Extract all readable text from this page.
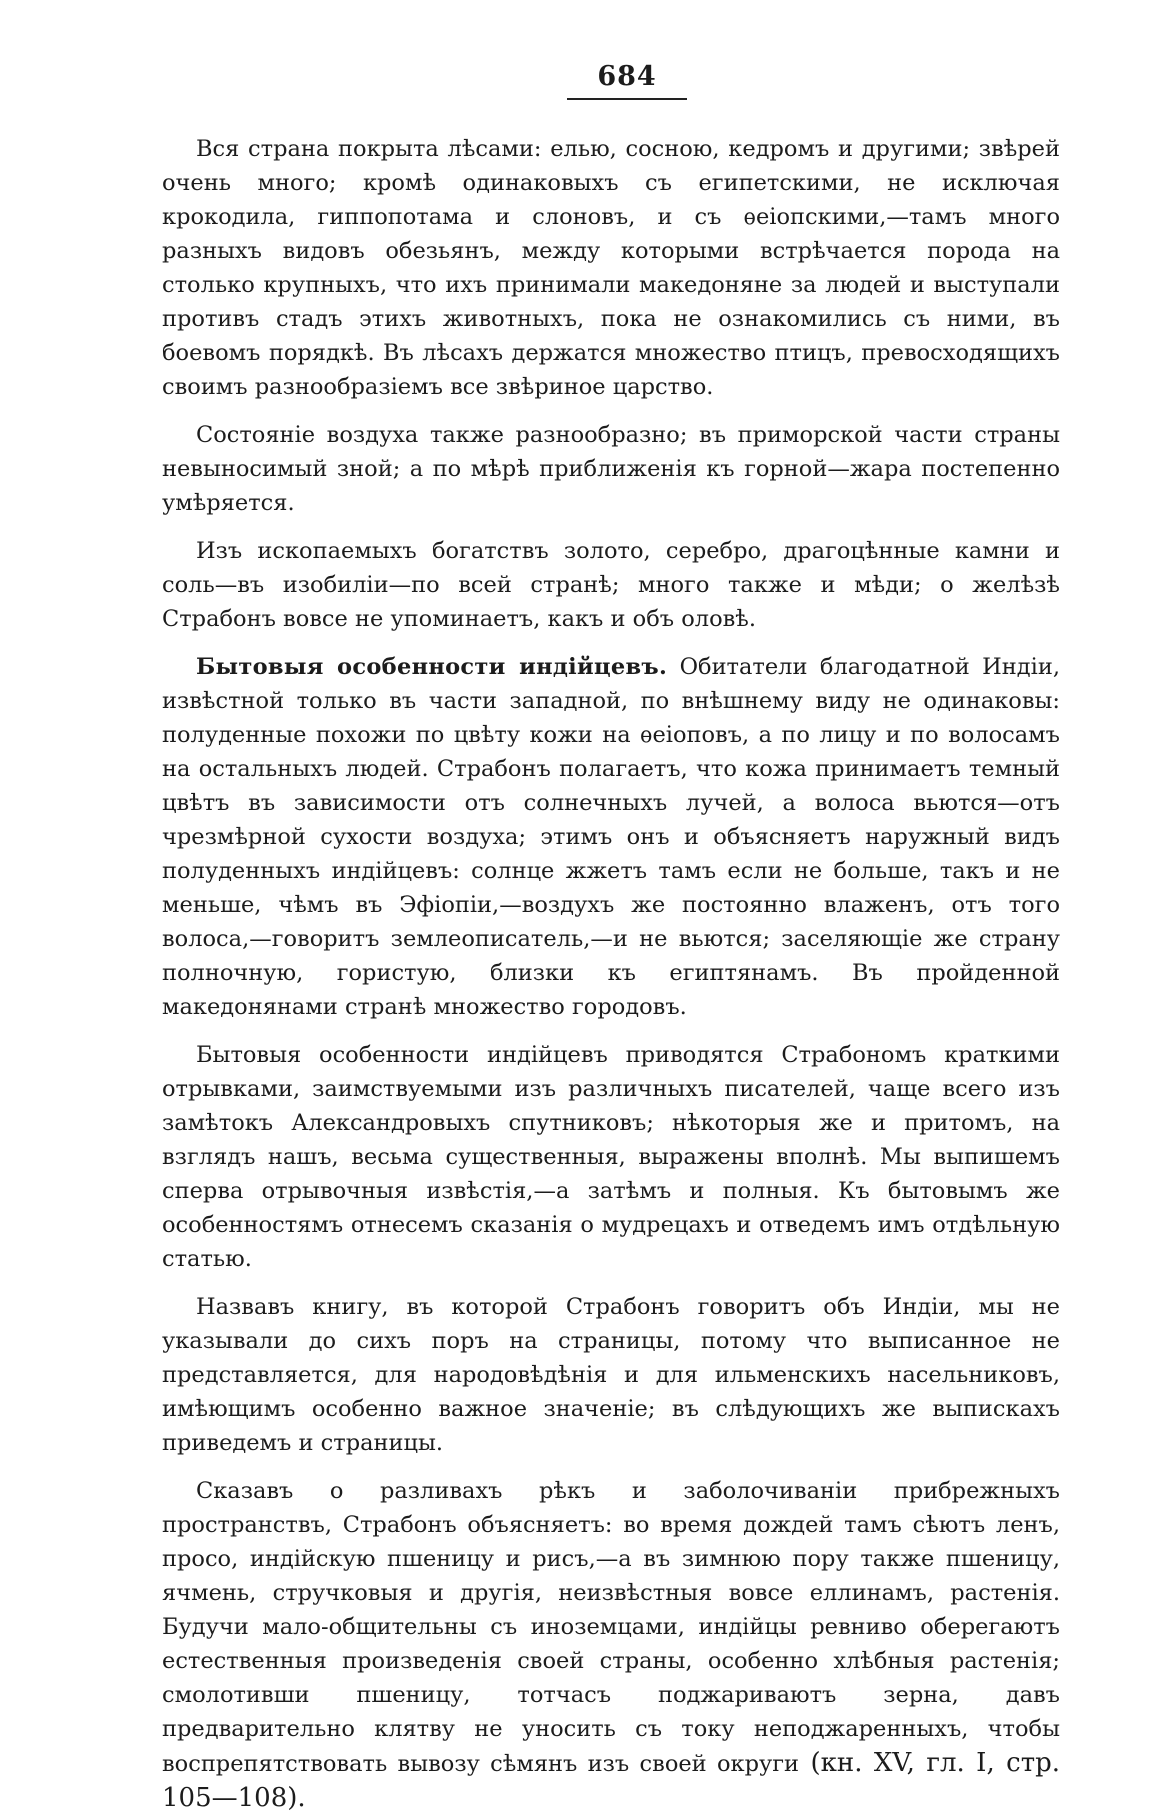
684

Вся страна покрыта лѣсами: елью, сосною, кедромъ и другими; звѣрей очень много; кромѣ одинаковыхъ съ египетскими, не исключая крокодила, гиппопотама и слоновъ, и съ ѳеіопскими,—тамъ много разныхъ видовъ обезьянъ, между которыми встрѣчается порода на столько крупныхъ, что ихъ принимали македоняне за людей и выступали противъ стадъ этихъ животныхъ, пока не ознакомились съ ними, въ боевомъ порядкѣ. Въ лѣсахъ держатся множество птицъ, превосходящихъ своимъ разнообразіемъ все звѣриное царство.

Состояніе воздуха также разнообразно; въ приморской части страны невыносимый зной; а по мѣрѣ приближенія къ горной—жара постепенно умѣряется.

Изъ ископаемыхъ богатствъ золото, серебро, драгоцѣнные камни и соль—въ изобиліи—по всей странѣ; много также и мѣди; о желѣзѣ Страбонъ вовсе не упоминаетъ, какъ и объ оловѣ.

Бытовыя особенности индійцевъ. Обитатели благодатной Индіи, извѣстной только въ части западной, по внѣшнему виду не одинаковы: полуденные похожи по цвѣту кожи на ѳеіоповъ, а по лицу и по волосамъ на остальныхъ людей. Страбонъ полагаетъ, что кожа принимаетъ темный цвѣтъ въ зависимости отъ солнечныхъ лучей, а волоса вьются—отъ чрезмѣрной сухости воздуха; этимъ онъ и объясняетъ наружный видъ полуденныхъ индійцевъ: солнце жжетъ тамъ если не больше, такъ и не меньше, чѣмъ въ Эфіопіи,—воздухъ же постоянно влаженъ, отъ того волоса,—говоритъ землеописатель,—и не вьются; заселяющіе же страну полночную, гористую, близки къ египтянамъ. Въ пройденной македонянами странѣ множество городовъ.

Бытовыя особенности индійцевъ приводятся Страбономъ краткими отрывками, заимствуемыми изъ различныхъ писателей, чаще всего изъ замѣтокъ Александровыхъ спутниковъ; нѣкоторыя же и притомъ, на взглядъ нашъ, весьма существенныя, выражены вполнѣ. Мы выпишемъ сперва отрывочныя извѣстія,—а затѣмъ и полныя. Къ бытовымъ же особенностямъ отнесемъ сказанія о мудрецахъ и отведемъ имъ отдѣльную статью.

Назвавъ книгу, въ которой Страбонъ говоритъ объ Индіи, мы не указывали до сихъ поръ на страницы, потому что выписанное не представляется, для народовѣдѣнія и для ильменскихъ насельниковъ, имѣющимъ особенно важное значеніе; въ слѣдующихъ же выпискахъ приведемъ и страницы.

Сказавъ о разливахъ рѣкъ и заболочиваніи прибрежныхъ пространствъ, Страбонъ объясняетъ: во время дождей тамъ сѣютъ ленъ, просо, индійскую пшеницу и рисъ,—а въ зимнюю пору также пшеницу, ячмень, стручковыя и другія, неизвѣстныя вовсе еллинамъ, растенія. Будучи мало-общительны съ иноземцами, индійцы ревниво оберегаютъ естественныя произведенія своей страны, особенно хлѣбныя растенія; смолотивши пшеницу, тотчасъ поджариваютъ зерна, давъ предварительно клятву не уносить съ току неподжаренныхъ, чтобы воспрепятствовать вывозу сѣмянъ изъ своей округи (кн. XV, гл. I, стр. 105—108).
